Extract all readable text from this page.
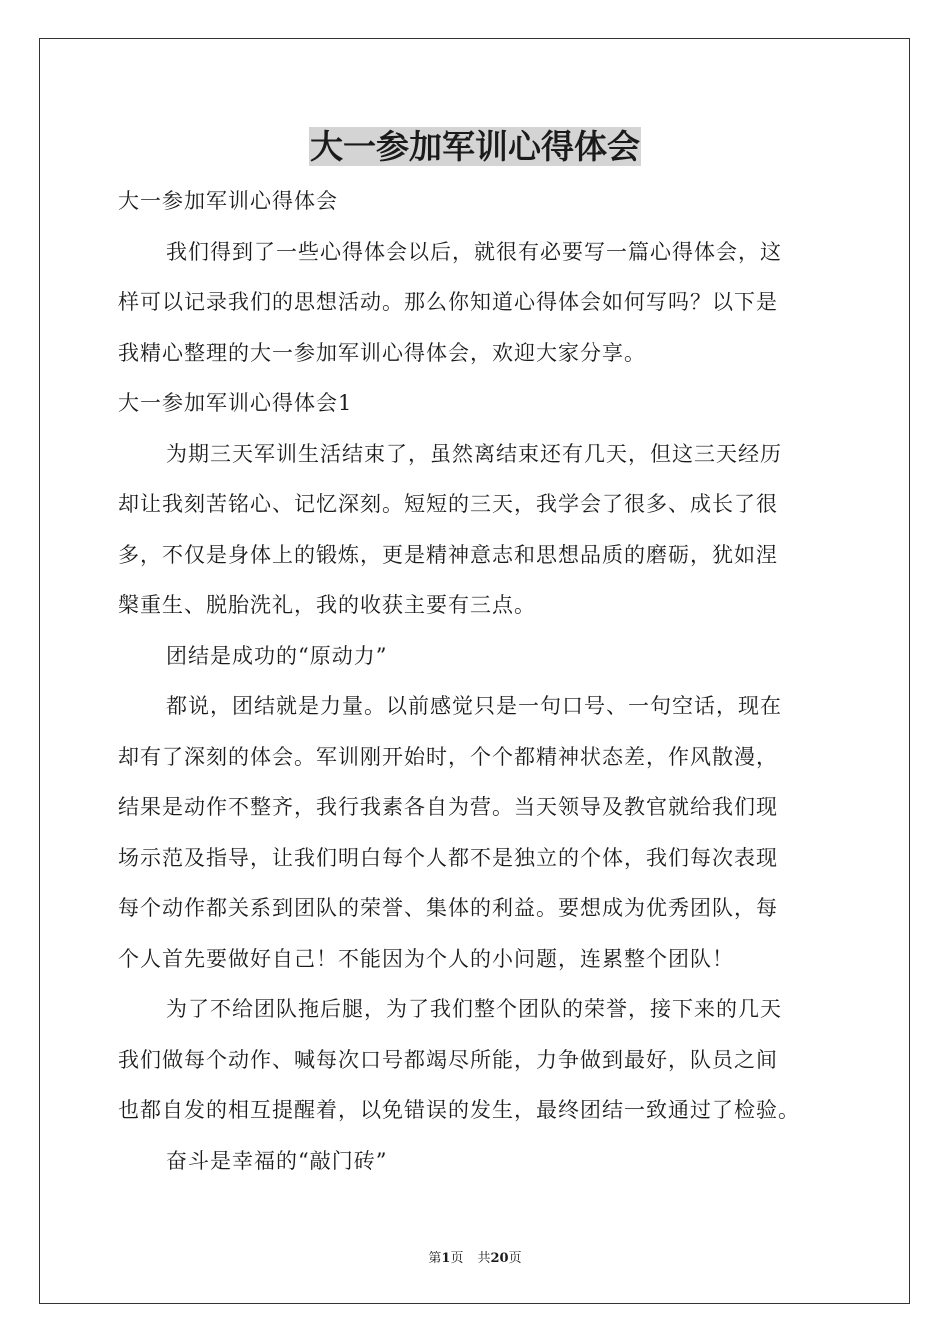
大一参加军训心得体会
大一参加军训心得体会
我们得到了一些心得体会以后，就很有必要写一篇心得体会，这
样可以记录我们的思想活动。那么你知道心得体会如何写吗？以下是
我精心整理的大一参加军训心得体会，欢迎大家分享。
大一参加军训心得体会1
为期三天军训生活结束了，虽然离结束还有几天，但这三天经历
却让我刻苦铭心、记忆深刻。短短的三天，我学会了很多、成长了很
多，不仅是身体上的锻炼，更是精神意志和思想品质的磨砺，犹如涅
槃重生、脱胎洗礼，我的收获主要有三点。
团结是成功的“原动力”
都说，团结就是力量。以前感觉只是一句口号、一句空话，现在
却有了深刻的体会。军训刚开始时，个个都精神状态差，作风散漫，
结果是动作不整齐，我行我素各自为营。当天领导及教官就给我们现
场示范及指导，让我们明白每个人都不是独立的个体，我们每次表现
每个动作都关系到团队的荣誉、集体的利益。要想成为优秀团队，每
个人首先要做好自己！不能因为个人的小问题，连累整个团队！
为了不给团队拖后腿，为了我们整个团队的荣誉，接下来的几天
我们做每个动作、喊每次口号都竭尽所能，力争做到最好，队员之间
也都自发的相互提醒着，以免错误的发生，最终团结一致通过了检验。
奋斗是幸福的“敲门砖”
第1页 共20页
